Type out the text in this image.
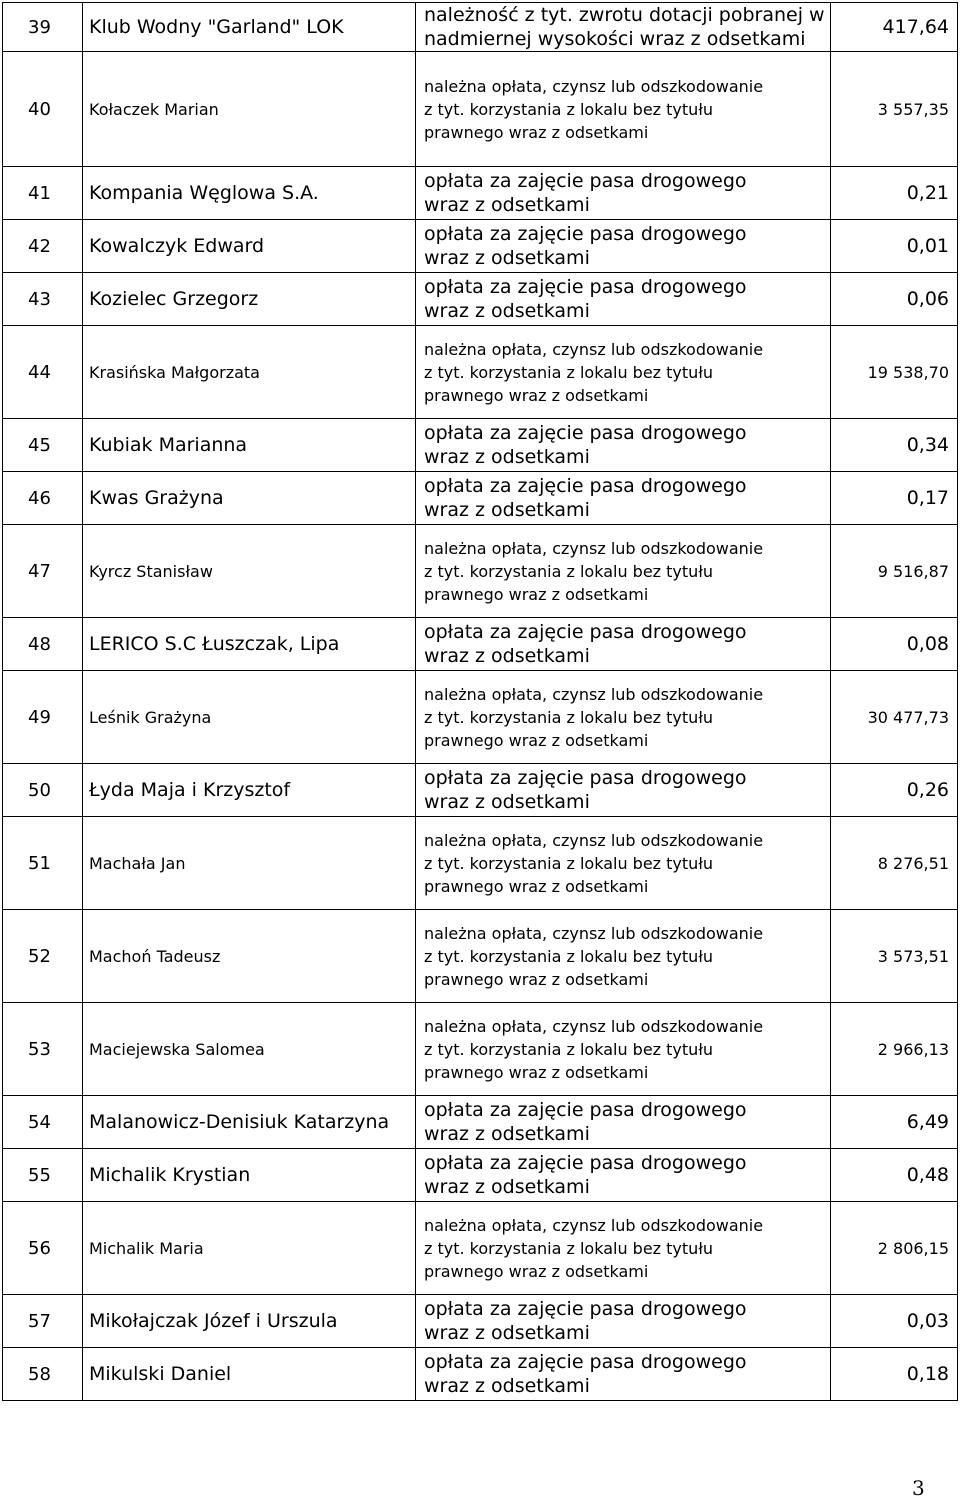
39	Klub Wodny "Garland" LOK	należność z tyt. zwrotu dotacji pobranej w
nadmiernej wysokości wraz z odsetkami	417,64
40	Kołaczek Marian	należna opłata, czynsz lub odszkodowanie
z tyt. korzystania z lokalu bez tytułu
prawnego wraz z odsetkami	3 557,35
41	Kompania Węglowa S.A.	opłata za zajęcie pasa drogowego
wraz z odsetkami	0,21
42	Kowalczyk Edward	opłata za zajęcie pasa drogowego
wraz z odsetkami	0,01
43	Kozielec Grzegorz	opłata za zajęcie pasa drogowego
wraz z odsetkami	0,06
44	Krasińska Małgorzata	należna opłata, czynsz lub odszkodowanie
z tyt. korzystania z lokalu bez tytułu
prawnego wraz z odsetkami	19 538,70
45	Kubiak Marianna	opłata za zajęcie pasa drogowego
wraz z odsetkami	0,34
46	Kwas Grażyna	opłata za zajęcie pasa drogowego
wraz z odsetkami	0,17
47	Kyrcz Stanisław	należna opłata, czynsz lub odszkodowanie
z tyt. korzystania z lokalu bez tytułu
prawnego wraz z odsetkami	9 516,87
48	LERICO S.C Łuszczak, Lipa	opłata za zajęcie pasa drogowego
wraz z odsetkami	0,08
49	Leśnik Grażyna	należna opłata, czynsz lub odszkodowanie
z tyt. korzystania z lokalu bez tytułu
prawnego wraz z odsetkami	30 477,73
50	Łyda Maja i Krzysztof	opłata za zajęcie pasa drogowego
wraz z odsetkami	0,26
51	Machała Jan	należna opłata, czynsz lub odszkodowanie
z tyt. korzystania z lokalu bez tytułu
prawnego wraz z odsetkami	8 276,51
52	Machoń Tadeusz	należna opłata, czynsz lub odszkodowanie
z tyt. korzystania z lokalu bez tytułu
prawnego wraz z odsetkami	3 573,51
53	Maciejewska Salomea	należna opłata, czynsz lub odszkodowanie
z tyt. korzystania z lokalu bez tytułu
prawnego wraz z odsetkami	2 966,13
54	Malanowicz-Denisiuk Katarzyna	opłata za zajęcie pasa drogowego
wraz z odsetkami	6,49
55	Michalik Krystian	opłata za zajęcie pasa drogowego
wraz z odsetkami	0,48
56	Michalik Maria	należna opłata, czynsz lub odszkodowanie
z tyt. korzystania z lokalu bez tytułu
prawnego wraz z odsetkami	2 806,15
57	Mikołajczak Józef i Urszula	opłata za zajęcie pasa drogowego
wraz z odsetkami	0,03
58	Mikulski Daniel	opłata za zajęcie pasa drogowego
wraz z odsetkami	0,18
3
